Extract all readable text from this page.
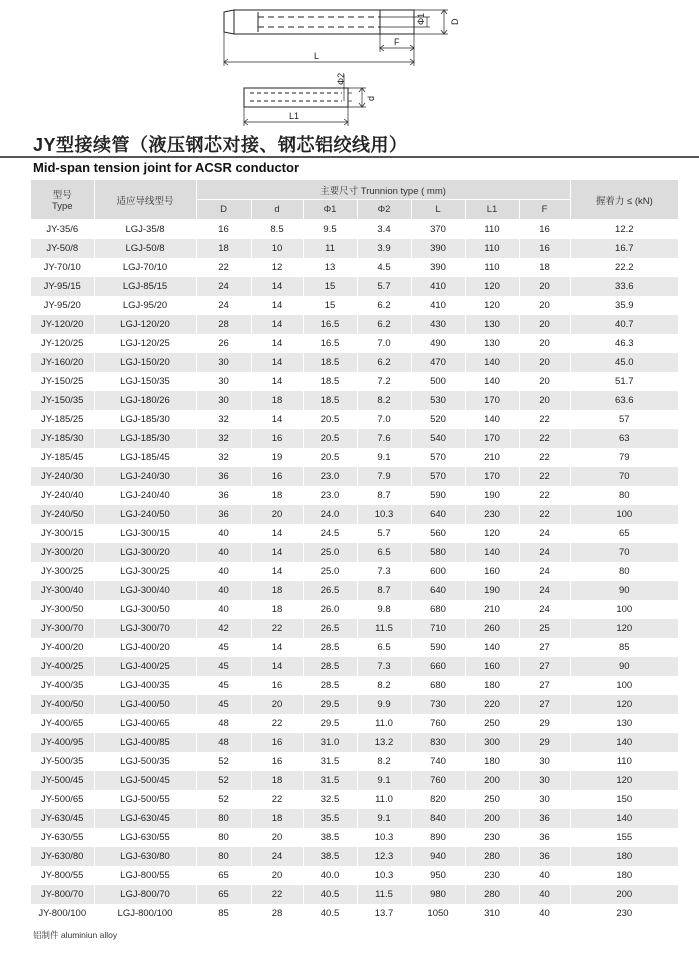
Φ1	D
F
L
Φ2
d
L1
JY型接续管（液压钢芯对接、钢芯铝绞线用）
Mid-span tension joint for ACSR conductor
型号
Type	适应导线型号	主要尺寸 Trunnion type ( mm)							握着力 ≤ (kN)
		D	d	Φ1	Φ2	L	L1	F	
JY-35/6	LGJ-35/8	16	8.5	9.5	3.4	370	110	16	12.2
JY-50/8	LGJ-50/8	18	10	11	3.9	390	110	16	16.7
JY-70/10	LGJ-70/10	22	12	13	4.5	390	110	18	22.2
JY-95/15	LGJ-85/15	24	14	15	5.7	410	120	20	33.6
JY-95/20	LGJ-95/20	24	14	15	6.2	410	120	20	35.9
JY-120/20	LGJ-120/20	28	14	16.5	6.2	430	130	20	40.7
JY-120/25	LGJ-120/25	26	14	16.5	7.0	490	130	20	46.3
JY-160/20	LGJ-150/20	30	14	18.5	6.2	470	140	20	45.0
JY-150/25	LGJ-150/35	30	14	18.5	7.2	500	140	20	51.7
JY-150/35	LGJ-180/26	30	18	18.5	8.2	530	170	20	63.6
JY-185/25	LGJ-185/30	32	14	20.5	7.0	520	140	22	57
JY-185/30	LGJ-185/30	32	16	20.5	7.6	540	170	22	63
JY-185/45	LGJ-185/45	32	19	20.5	9.1	570	210	22	79
JY-240/30	LGJ-240/30	36	16	23.0	7.9	570	170	22	70
JY-240/40	LGJ-240/40	36	18	23.0	8.7	590	190	22	80
JY-240/50	LGJ-240/50	36	20	24.0	10.3	640	230	22	100
JY-300/15	LGJ-300/15	40	14	24.5	5.7	560	120	24	65
JY-300/20	LGJ-300/20	40	14	25.0	6.5	580	140	24	70
JY-300/25	LGJ-300/25	40	14	25.0	7.3	600	160	24	80
JY-300/40	LGJ-300/40	40	18	26.5	8.7	640	190	24	90
JY-300/50	LGJ-300/50	40	18	26.0	9.8	680	210	24	100
JY-300/70	LGJ-300/70	42	22	26.5	11.5	710	260	25	120
JY-400/20	LGJ-400/20	45	14	28.5	6.5	590	140	27	85
JY-400/25	LGJ-400/25	45	14	28.5	7.3	660	160	27	90
JY-400/35	LGJ-400/35	45	16	28.5	8.2	680	180	27	100
JY-400/50	LGJ-400/50	45	20	29.5	9.9	730	220	27	120
JY-400/65	LGJ-400/65	48	22	29.5	11.0	760	250	29	130
JY-400/95	LGJ-400/85	48	16	31.0	13.2	830	300	29	140
JY-500/35	LGJ-500/35	52	16	31.5	8.2	740	180	30	110
JY-500/45	LGJ-500/45	52	18	31.5	9.1	760	200	30	120
JY-500/65	LGJ-500/55	52	22	32.5	11.0	820	250	30	150
JY-630/45	LGJ-630/45	80	18	35.5	9.1	840	200	36	140
JY-630/55	LGJ-630/55	80	20	38.5	10.3	890	230	36	155
JY-630/80	LGJ-630/80	80	24	38.5	12.3	940	280	36	180
JY-800/55	LGJ-800/55	65	20	40.0	10.3	950	230	40	180
JY-800/70	LGJ-800/70	65	22	40.5	11.5	980	280	40	200
JY-800/100	LGJ-800/100	85	28	40.5	13.7	1050	310	40	230
铝制件 aluminiun alloy
